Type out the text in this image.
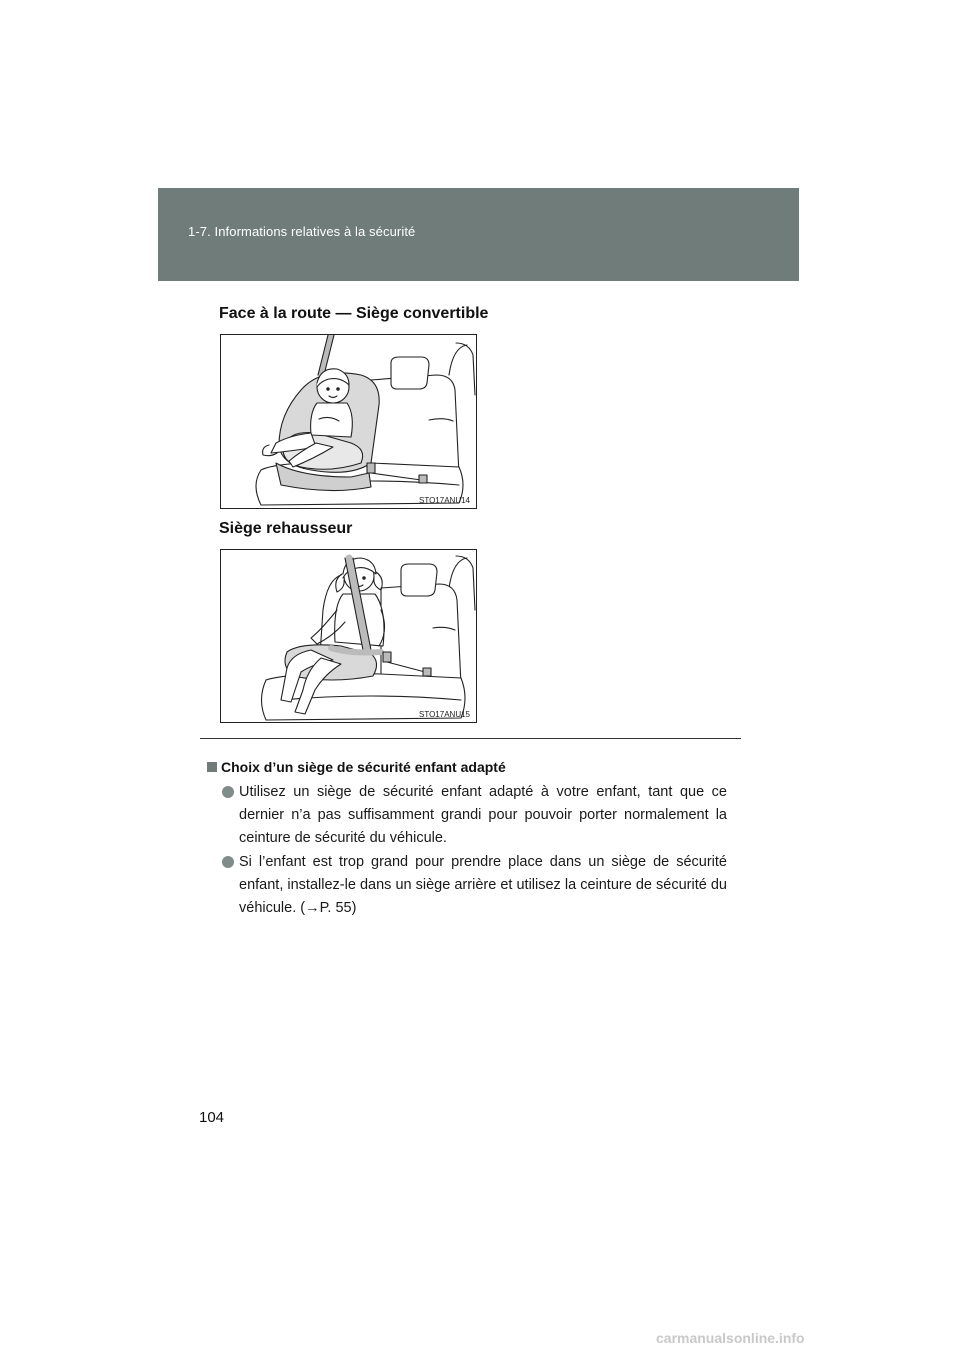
1-7. Informations relatives à la sécurité
Face à la route — Siège convertible
STO17ANU14
Siège rehausseur
STO17ANU15
Choix d’un siège de sécurité enfant adapté
Utilisez un siège de sécurité enfant adapté à votre enfant, tant que ce dernier n’a pas suffisamment grandi pour pouvoir porter normalement la ceinture de sécurité du véhicule.
Si l’enfant est trop grand pour prendre place dans un siège de sécurité enfant, installez-le dans un siège arrière et utilisez la ceinture de sécurité du véhicule. (→P. 55)
104
carmanualsonline.info
